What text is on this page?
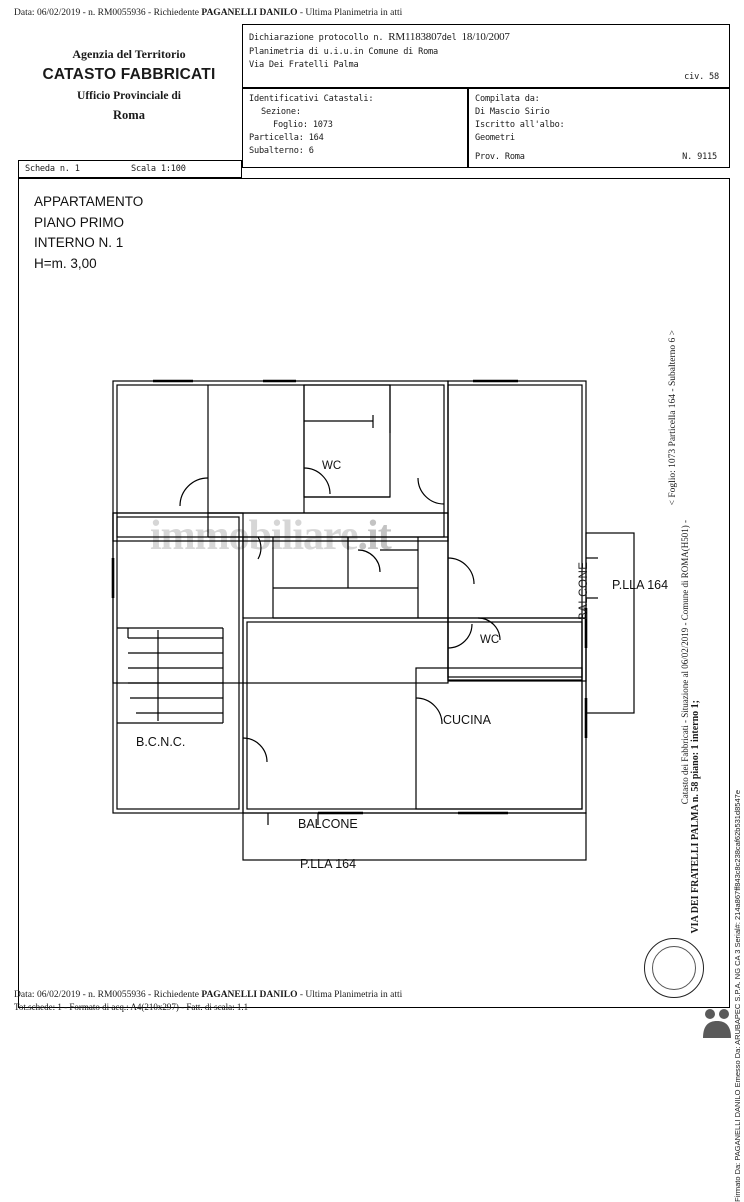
Data: 06/02/2019 - n. RM0055936 - Richiedente PAGANELLI DANILO - Ultima Planimetria in atti
Agenzia del Territorio
CATASTO FABBRICATI
Ufficio Provinciale di
Roma
Dichiarazione protocollo n. RM1183807del 18/10/2007
Planimetria di u.i.u.in Comune di Roma
Via Dei Fratelli Palma
civ. 58
Identificativi Catastali:
Sezione:
Foglio: 1073
Particella: 164
Subalterno: 6
Compilata da:
Di Mascio Sirio
Iscritto all'albo:
Geometri
Prov. Roma	N. 9115
Scheda n. 1	Scala 1:100
APPARTAMENTO
PIANO PRIMO
INTERNO N. 1
H=m. 3,00
immobiliare.it
WC
WC
CUCINA
B.C.N.C.
BALCONE
BALCONE P.LLA 164
P.LLA 164
< Foglio: 1073 Particella 164 - Subalterno 6 >
Catasto dei Fabbricati - Situazione al 06/02/2019 - Comune di ROMA(H501) -
VIA DEI FRATELLI PALMA n. 58 piano: 1 interno 1;	Firmato Da: PAGANELLI DANILO Emesso Da: ARUBAPEC S.P.A. NG CA 3 Serial#: 214a867ff843c8c238caf62b531d8547e
Data: 06/02/2019 - n. RM0055936 - Richiedente PAGANELLI DANILO - Ultima Planimetria in atti
Tot.schede: 1 - Formato di acq.: A4(210x297) - Fatt. di scala: 1.1
